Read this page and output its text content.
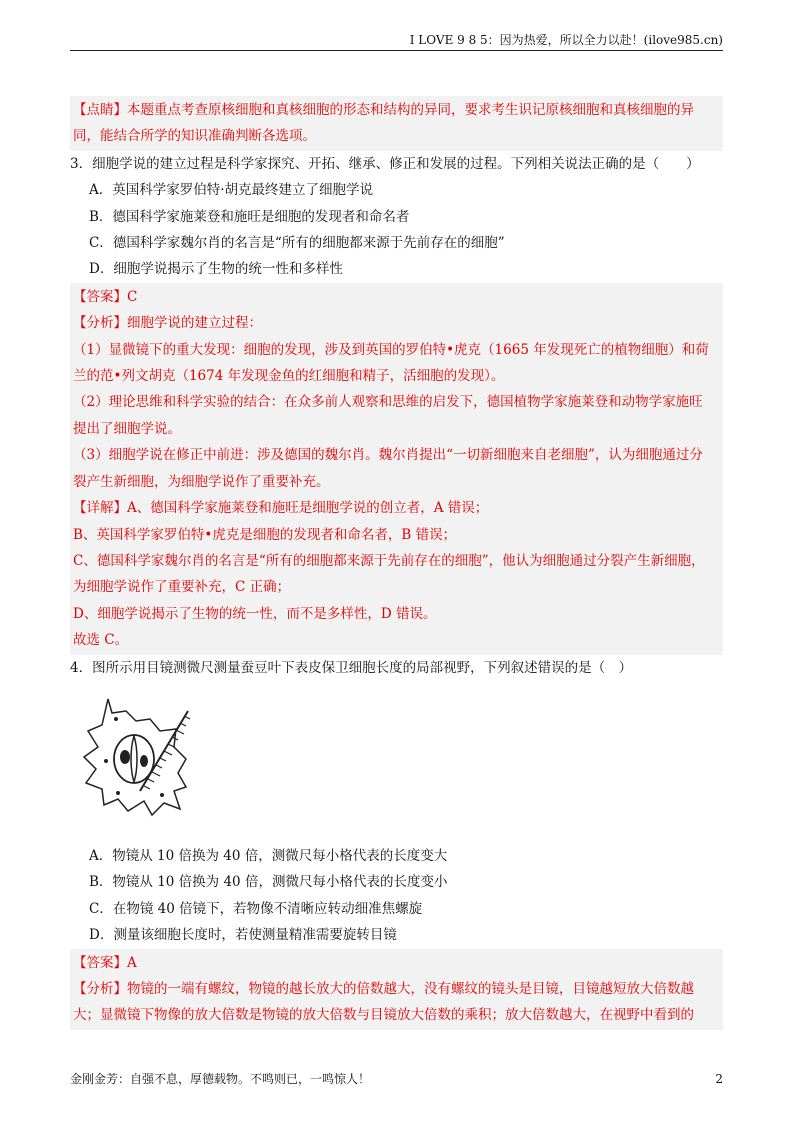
I LOVE 9 8 5：因为热爱，所以全力以赴！(ilove985.cn)
【点睛】本题重点考查原核细胞和真核细胞的形态和结构的异同，要求考生识记原核细胞和真核细胞的异
同，能结合所学的知识准确判断各选项。
3．细胞学说的建立过程是科学家探究、开拓、继承、修正和发展的过程。下列相关说法正确的是（　　）
A．英国科学家罗伯特·胡克最终建立了细胞学说
B．德国科学家施莱登和施旺是细胞的发现者和命名者
C．德国科学家魏尔肖的名言是“所有的细胞都来源于先前存在的细胞”
D．细胞学说揭示了生物的统一性和多样性
【答案】C
【分析】细胞学说的建立过程：
（1）显微镜下的重大发现：细胞的发现，涉及到英国的罗伯特•虎克（1665 年发现死亡的植物细胞）和荷
兰的范•列文胡克（1674 年发现金鱼的红细胞和精子，活细胞的发现）。
（2）理论思维和科学实验的结合：在众多前人观察和思维的启发下，德国植物学家施莱登和动物学家施旺
提出了细胞学说。
（3）细胞学说在修正中前进：涉及德国的魏尔肖。魏尔肖提出“一切新细胞来自老细胞”，认为细胞通过分
裂产生新细胞，为细胞学说作了重要补充。
【详解】A、德国科学家施莱登和施旺是细胞学说的创立者，A 错误；
B、英国科学家罗伯特•虎克是细胞的发现者和命名者，B 错误；
C、德国科学家魏尔肖的名言是“所有的细胞都来源于先前存在的细胞”，他认为细胞通过分裂产生新细胞，
为细胞学说作了重要补充，C 正确；
D、细胞学说揭示了生物的统一性，而不是多样性，D 错误。
故选 C。
4．图所示用目镜测微尺测量蚕豆叶下表皮保卫细胞长度的局部视野，下列叙述错误的是（　）
A．物镜从 10 倍换为 40 倍，测微尺每小格代表的长度变大
B．物镜从 10 倍换为 40 倍，测微尺每小格代表的长度变小
C．在物镜 40 倍镜下，若物像不清晰应转动细准焦螺旋
D．测量该细胞长度时，若使测量精准需要旋转目镜
【答案】A
【分析】物镜的一端有螺纹，物镜的越长放大的倍数越大，没有螺纹的镜头是目镜，目镜越短放大倍数越
大；显微镜下物像的放大倍数是物镜的放大倍数与目镜放大倍数的乘积；放大倍数越大，在视野中看到的
金刚金芳：自强不息，厚德载物。不鸣则已，一鸣惊人！	2
